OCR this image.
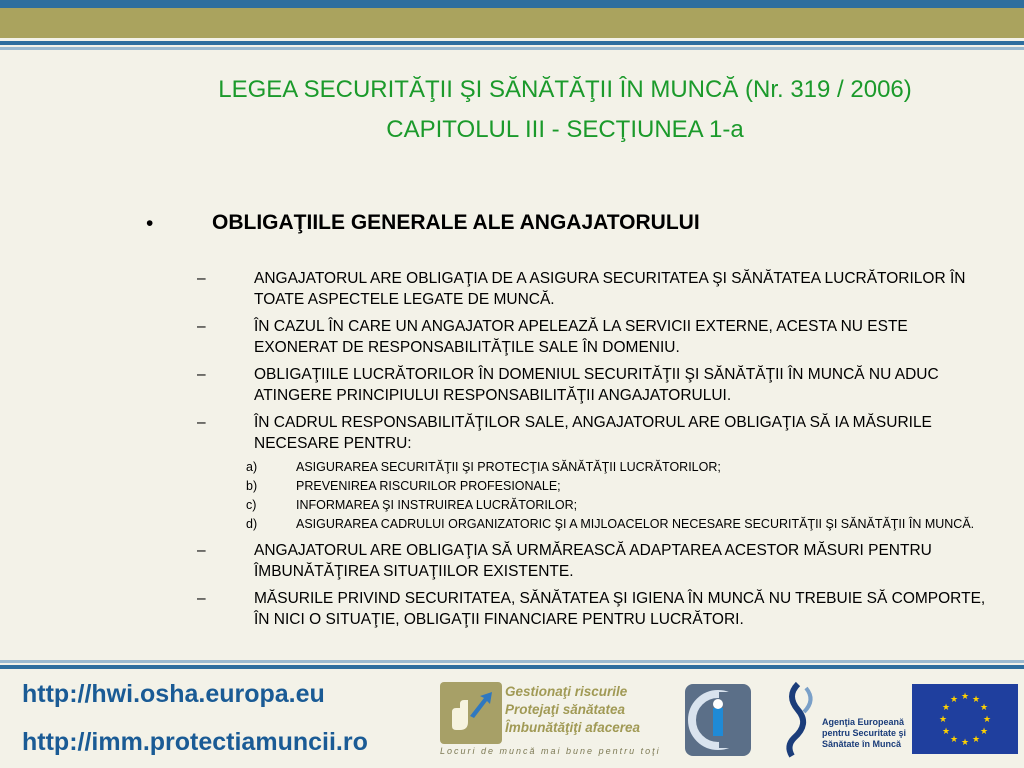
LEGEA SECURITĂŢII ŞI SĂNĂTĂŢII ÎN MUNCĂ (Nr. 319 / 2006)
CAPITOLUL III - SECŢIUNEA 1-a
•	OBLIGAŢIILE GENERALE ALE ANGAJATORULUI
–	ANGAJATORUL ARE OBLIGAŢIA DE A ASIGURA SECURITATEA ŞI SĂNĂTATEA LUCRĂTORILOR ÎN TOATE ASPECTELE LEGATE DE MUNCĂ.
–	ÎN CAZUL ÎN CARE UN ANGAJATOR APELEAZĂ LA SERVICII EXTERNE, ACESTA NU ESTE EXONERAT DE RESPONSABILITĂŢILE SALE ÎN DOMENIU.
–	OBLIGAŢIILE LUCRĂTORILOR ÎN DOMENIUL SECURITĂŢII ŞI SĂNĂTĂŢII ÎN MUNCĂ NU ADUC ATINGERE PRINCIPIULUI RESPONSABILITĂŢII ANGAJATORULUI.
–	ÎN CADRUL RESPONSABILITĂŢILOR SALE, ANGAJATORUL ARE OBLIGAŢIA SĂ IA MĂSURILE NECESARE PENTRU:
a)	ASIGURAREA SECURITĂŢII ŞI PROTECŢIA SĂNĂTĂŢII LUCRĂTORILOR;
b)	PREVENIREA RISCURILOR PROFESIONALE;
c)	INFORMAREA ŞI INSTRUIREA LUCRĂTORILOR;
d)	ASIGURAREA CADRULUI ORGANIZATORIC ŞI A MIJLOACELOR NECESARE SECURITĂŢII ŞI SĂNĂTĂŢII ÎN MUNCĂ.
–	ANGAJATORUL ARE OBLIGAŢIA SĂ URMĂREASCĂ ADAPTAREA ACESTOR MĂSURI PENTRU ÎMBUNĂTĂŢIREA SITUAŢIILOR EXISTENTE.
–	MĂSURILE PRIVIND SECURITATEA, SĂNĂTATEA ŞI IGIENA ÎN MUNCĂ NU TREBUIE SĂ COMPORTE, ÎN NICI O SITUAŢIE, OBLIGAŢII FINANCIARE PENTRU LUCRĂTORI.
http://hwi.osha.europa.eu
http://imm.protectiamuncii.ro
Gestionaţi riscurile
Protejaţi sănătatea
Îmbunătăţiţi afacerea
Locuri de muncă mai bune pentru toţi
Agenţia Europeană
pentru Securitate şi
Sănătate în Muncă
★ ★
★
★
★
★
★
★
★
★
★
★
